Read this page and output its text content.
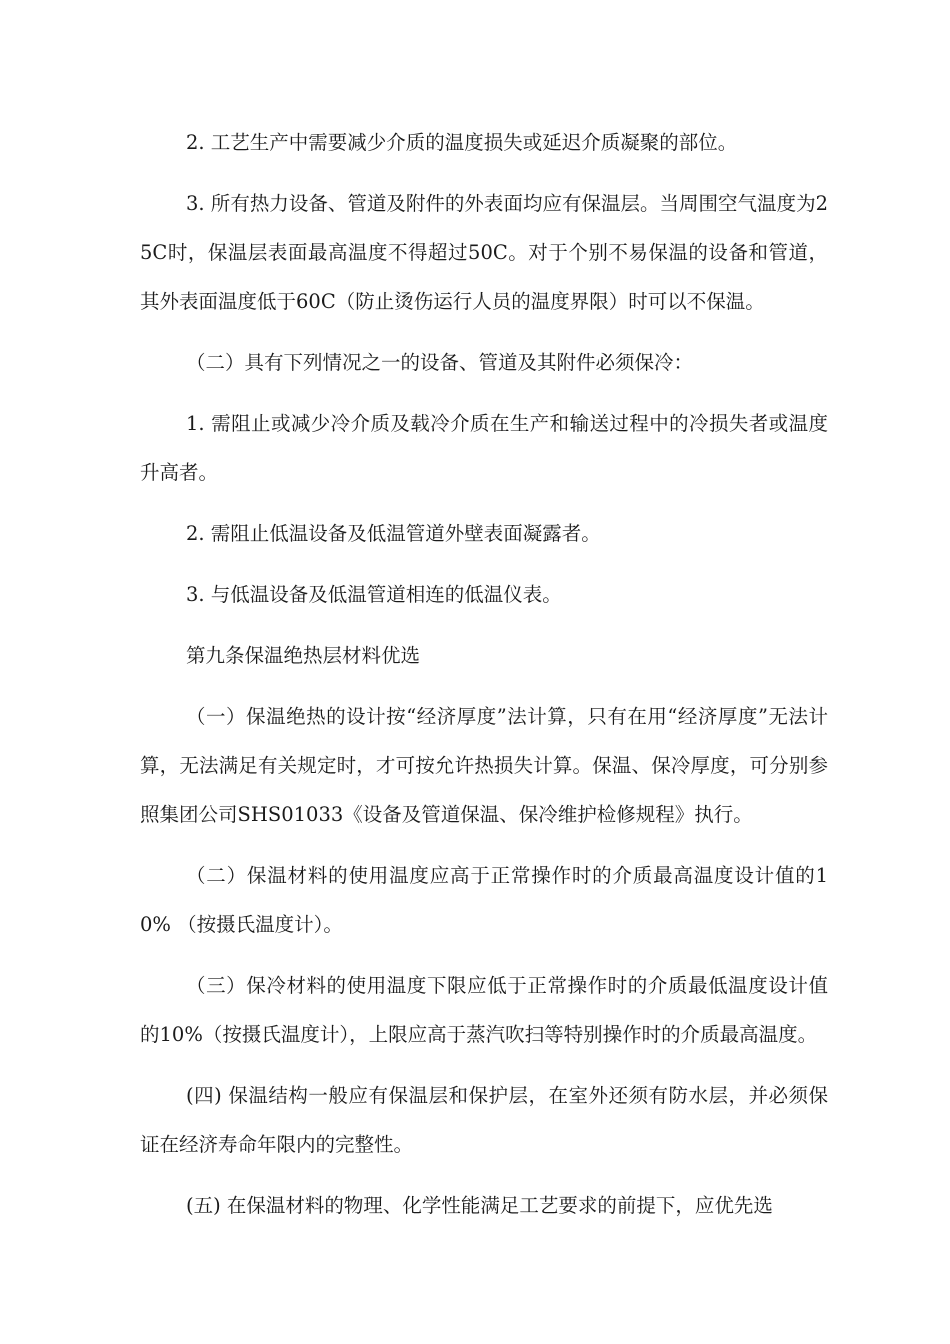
2. 工艺生产中需要减少介质的温度损失或延迟介质凝聚的部位。

3. 所有热力设备、管道及附件的外表面均应有保温层。当周围空气温度为25C时，保温层表面最高温度不得超过50C。对于个别不易保温的设备和管道，其外表面温度低于60C（防止烫伤运行人员的温度界限）时可以不保温。

（二）具有下列情况之一的设备、管道及其附件必须保冷：

1. 需阻止或减少冷介质及载冷介质在生产和输送过程中的冷损失者或温度升高者。

2. 需阻止低温设备及低温管道外壁表面凝露者。

3. 与低温设备及低温管道相连的低温仪表。

第九条保温绝热层材料优选

（一）保温绝热的设计按“经济厚度”法计算，只有在用“经济厚度”无法计算，无法满足有关规定时，才可按允许热损失计算。保温、保冷厚度，可分别参照集团公司SHS01033《设备及管道保温、保冷维护检修规程》执行。

（二）保温材料的使用温度应高于正常操作时的介质最高温度设计值的10% （按摄氏温度计）。

（三）保冷材料的使用温度下限应低于正常操作时的介质最低温度设计值的10%（按摄氏温度计），上限应高于蒸汽吹扫等特别操作时的介质最高温度。

(四) 保温结构一般应有保温层和保护层，在室外还须有防水层，并必须保证在经济寿命年限内的完整性。

(五) 在保温材料的物理、化学性能满足工艺要求的前提下，应优先选
